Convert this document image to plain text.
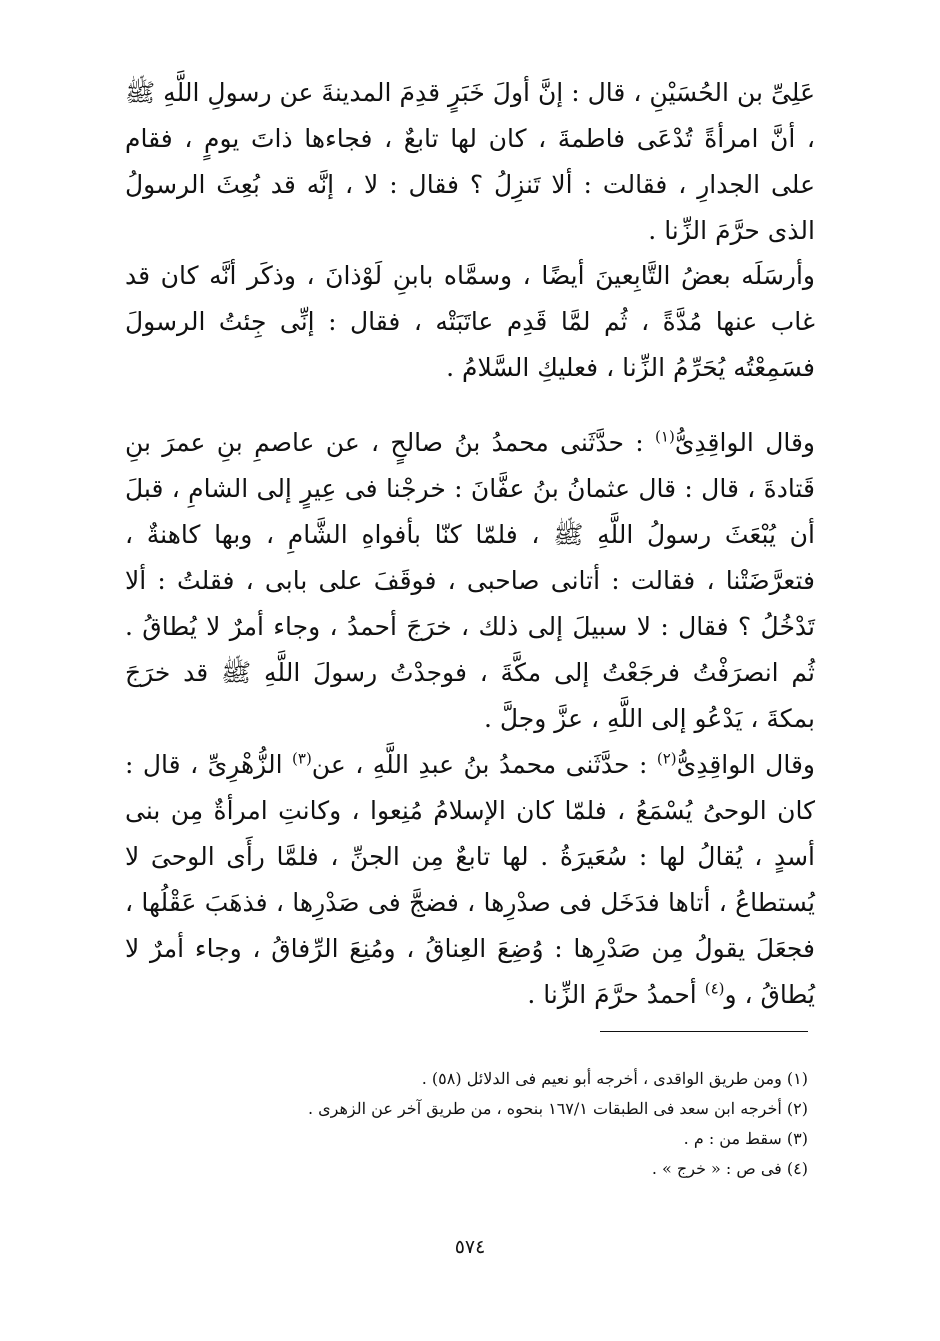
عَلِىِّ بن الحُسَيْنِ ، قال : إنَّ أولَ خَبَرٍ قدِمَ المدينةَ عن رسولِ اللَّهِ ﷺ ، أنَّ امرأةً تُدْعَى فاطمةَ ، كان لها تابعٌ ، فجاءها ذاتَ يومٍ ، فقام على الجدارِ ، فقالت : ألا تَنزِلُ ؟ فقال : لا ، إنَّه قد بُعِثَ الرسولُ الذى حرَّمَ الزِّنا .

وأرسَلَه بعضُ التَّابِعينَ أيضًا ، وسمَّاه بابنِ لَوْذانَ ، وذكَر أنَّه كان قد غاب عنها مُدَّةً ، ثُم لمَّا قَدِم عاتَبَتْه ، فقال : إنِّى جِئتُ الرسولَ فسَمِعْتُه يُحَرِّمُ الزِّنا ، فعليكِ السَّلامُ .

وقال الواقِدِىُّ$^{(١)}$ : حدَّثَنى محمدُ بنُ صالحٍ ، عن عاصمِ بنِ عمرَ بنِ قَتادةَ ، قال : قال عثمانُ بنُ عفَّانَ : خرجْنا فى عِيرٍ إلى الشامِ ، قبلَ أن يُبْعَثَ رسولُ اللَّهِ ﷺ ، فلمّا كنّا بأفواهِ الشَّامِ ، وبها كاهنةٌ ، فتعرَّضَتْنا ، فقالت : أتانى صاحبى ، فوقَفَ على بابى ، فقلتُ : ألا تَدْخُلُ ؟ فقال : لا سبيلَ إلى ذلك ، خرَجَ أحمدُ ، وجاء أمرٌ لا يُطاقُ . ثُم انصرَفْتُ فرجَعْتُ إلى مكَّةَ ، فوجدْتُ رسولَ اللَّهِ ﷺ قد خرَجَ بمكةَ ، يَدْعُو إلى اللَّهِ ، عزَّ وجلَّ .

وقال الواقِدِىُّ$^{(٢)}$ : حدَّثَنى محمدُ بنُ عبدِ اللَّهِ ، عن$^{(٣)}$ الزُّهْرِىِّ ، قال : كان الوحىُ يُسْمَعُ ، فلمّا كان الإسلامُ مُنِعوا ، وكانتِ امرأةٌ مِن بنى أسدٍ ، يُقالُ لها : سُعَيرَةُ . لها تابعٌ مِن الجنِّ ، فلمَّا رأَى الوحىَ لا يُستطاعُ ، أتاها فدَخَل فى صدْرِها ، فضجَّ فى صَدْرِها ، فذهَبَ عَقْلُها ، فجعَلَ يقولُ مِن صَدْرِها : وُضِعَ العِناقُ ، ومُنِعَ الرِّفاقُ ، وجاء أمرٌ لا يُطاقُ ، و$^{(٤)}$ أحمدُ حرَّمَ الزِّنا .

(١) ومن طريق الواقدى ، أخرجه أبو نعيم فى الدلائل (٥٨) .
(٢) أخرجه ابن سعد فى الطبقات ١٦٧/١ بنحوه ، من طريق آخر عن الزهرى .
(٣) سقط من : م .
(٤) فى ص : « خرج » .
٥٧٤
